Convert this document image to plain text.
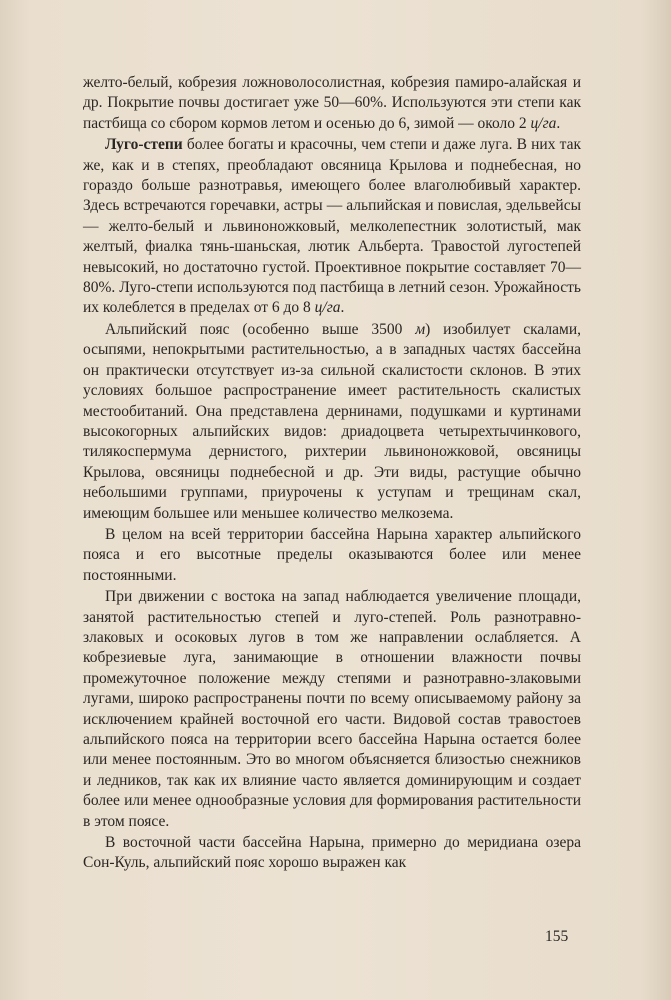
желто-белый, кобрезия ложноволосолистная, кобрезия памиро-алайская и др. Покрытие почвы достигает уже 50—60%. Используются эти степи как пастбища со сбором кормов летом и осенью до 6, зимой — около 2 ц/га.

Луго-степи более богаты и красочны, чем степи и даже луга. В них так же, как и в степях, преобладают овсяница Крылова и поднебесная, но гораздо больше разнотравья, имеющего более влаголюбивый характер. Здесь встречаются горечавки, астры — альпийская и повислая, эдельвейсы — желто-белый и львиноножковый, мелколепестник золотистый, мак желтый, фиалка тянь-шаньская, лютик Альберта. Травостой лугостепей невысокий, но достаточно густой. Проективное покрытие составляет 70—80%. Луго-степи используются под пастбища в летний сезон. Урожайность их колеблется в пределах от 6 до 8 ц/га.

Альпийский пояс (особенно выше 3500 м) изобилует скалами, осыпями, непокрытыми растительностью, а в западных частях бассейна он практически отсутствует из-за сильной скалистости склонов. В этих условиях большое распространение имеет растительность скалистых местообитаний. Она представлена дернинами, подушками и куртинами высокогорных альпийских видов: дриадоцвета четырехтычинкового, тилякоспермума дернистого, рихтерии львиноножковой, овсяницы Крылова, овсяницы поднебесной и др. Эти виды, растущие обычно небольшими группами, приурочены к уступам и трещинам скал, имеющим большее или меньшее количество мелкозема.

В целом на всей территории бассейна Нарына характер альпийского пояса и его высотные пределы оказываются более или менее постоянными.

При движении с востока на запад наблюдается увеличение площади, занятой растительностью степей и луго-степей. Роль разнотравно-злаковых и осоковых лугов в том же направлении ослабляется. А кобрезиевые луга, занимающие в отношении влажности почвы промежуточное положение между степями и разнотравно-злаковыми лугами, широко распространены почти по всему описываемому району за исключением крайней восточной его части. Видовой состав травостоев альпийского пояса на территории всего бассейна Нарына остается более или менее постоянным. Это во многом объясняется близостью снежников и ледников, так как их влияние часто является доминирующим и создает более или менее однообразные условия для формирования растительности в этом поясе.

В восточной части бассейна Нарына, примерно до меридиана озера Сон-Куль, альпийский пояс хорошо выражен как

155
